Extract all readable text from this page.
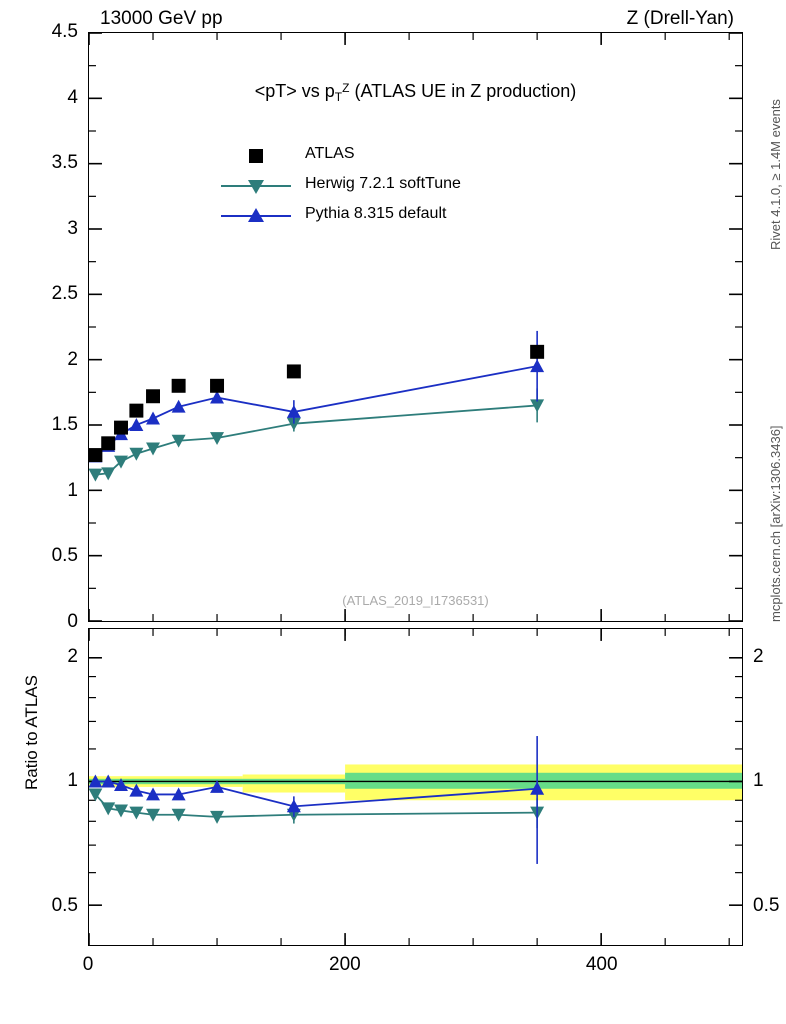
13000 GeV pp	Z (Drell-Yan)
Rivet 4.1.0, ≥ 1.4M events
mcplots.cern.ch [arXiv:1306.3436]
<pT> vs $p_T^Z$ (ATLAS UE in Z production)
ATLAS
Herwig 7.2.1 softTune
Pythia 8.315 default
(ATLAS_2019_I1736531)
Ratio to ATLAS
0
0.5
1
1.5
2
2.5
3
3.5
4
4.5
0.5	0.5
1	1
2	2
0	200	400
